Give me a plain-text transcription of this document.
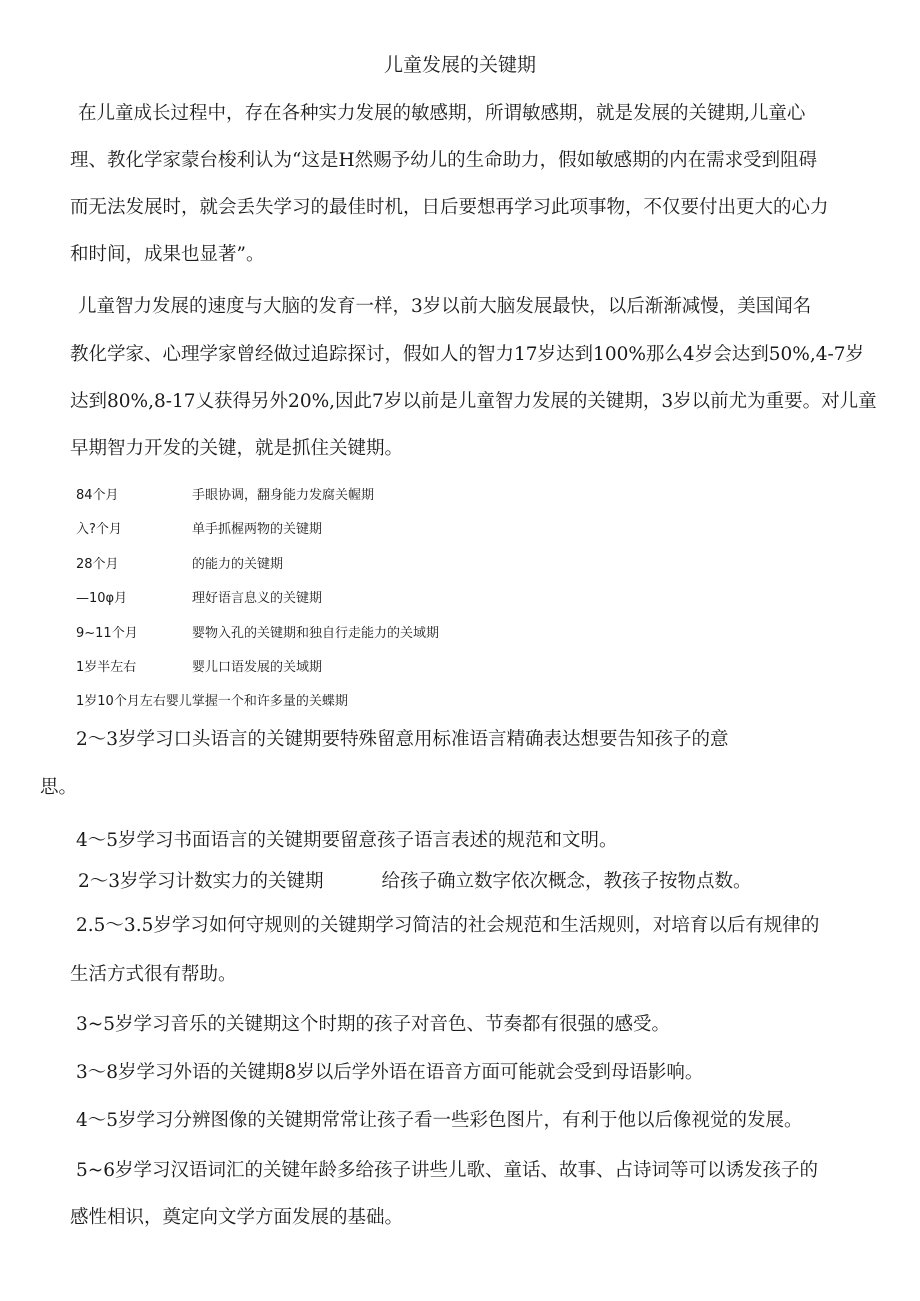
儿童发展的关键期
在儿童成长过程中，存在各种实力发展的敏感期，所谓敏感期，就是发展的关键期,儿童心
理、教化学家蒙台梭利认为“这是H然赐予幼儿的生命助力，假如敏感期的内在需求受到阻碍
而无法发展时，就会丢失学习的最佳时机，日后要想再学习此项事物，不仅要付出更大的心力
和时间，成果也显著”。
儿童智力发展的速度与大脑的发育一样，3岁以前大脑发展最快，以后渐渐减慢，美国闻名
教化学家、心理学家曾经做过追踪探讨，假如人的智力17岁达到100%那么4岁会达到50%,4-7岁
达到80%,8-17乂获得另外20%,因此7岁以前是儿童智力发展的关键期，3岁以前尤为重要。对儿童
早期智力开发的关键，就是抓住关键期。
84个月	手眼协调，翻身能力发腐关幄期
入?个月	单手抓楃两物的关键期
28个月	的能力的关键期
—10φ月	理好语言息义的关键期
9~11个月	婴物入孔的关键期和独自行走能力的关域期
1岁半左右	婴儿口语发展的关域期
1岁10个月左右婴儿掌握一个和许多量的关蝶期
2～3岁学习口头语言的关键期要特殊留意用标准语言精确表达想要告知孩子的意
思。
4～5岁学习书面语言的关键期要留意孩子语言表述的规范和文明。
2～3岁学习计数实力的关键期	给孩子确立数字依次概念，教孩子按物点数。
2.5～3.5岁学习如何守规则的关键期学习简洁的社会规范和生活规则，对培育以后有规律的
生活方式很有帮助。
3~5岁学习音乐的关键期这个时期的孩子对音色、节奏都有很强的感受。
3～8岁学习外语的关键期8岁以后学外语在语音方面可能就会受到母语影响。
4～5岁学习分辨图像的关键期常常让孩子看一些彩色图片，有利于他以后像视觉的发展。
5~6岁学习汉语词汇的关键年龄多给孩子讲些儿歌、童话、故事、占诗词等可以诱发孩子的
感性相识，奠定向文学方面发展的基础。
